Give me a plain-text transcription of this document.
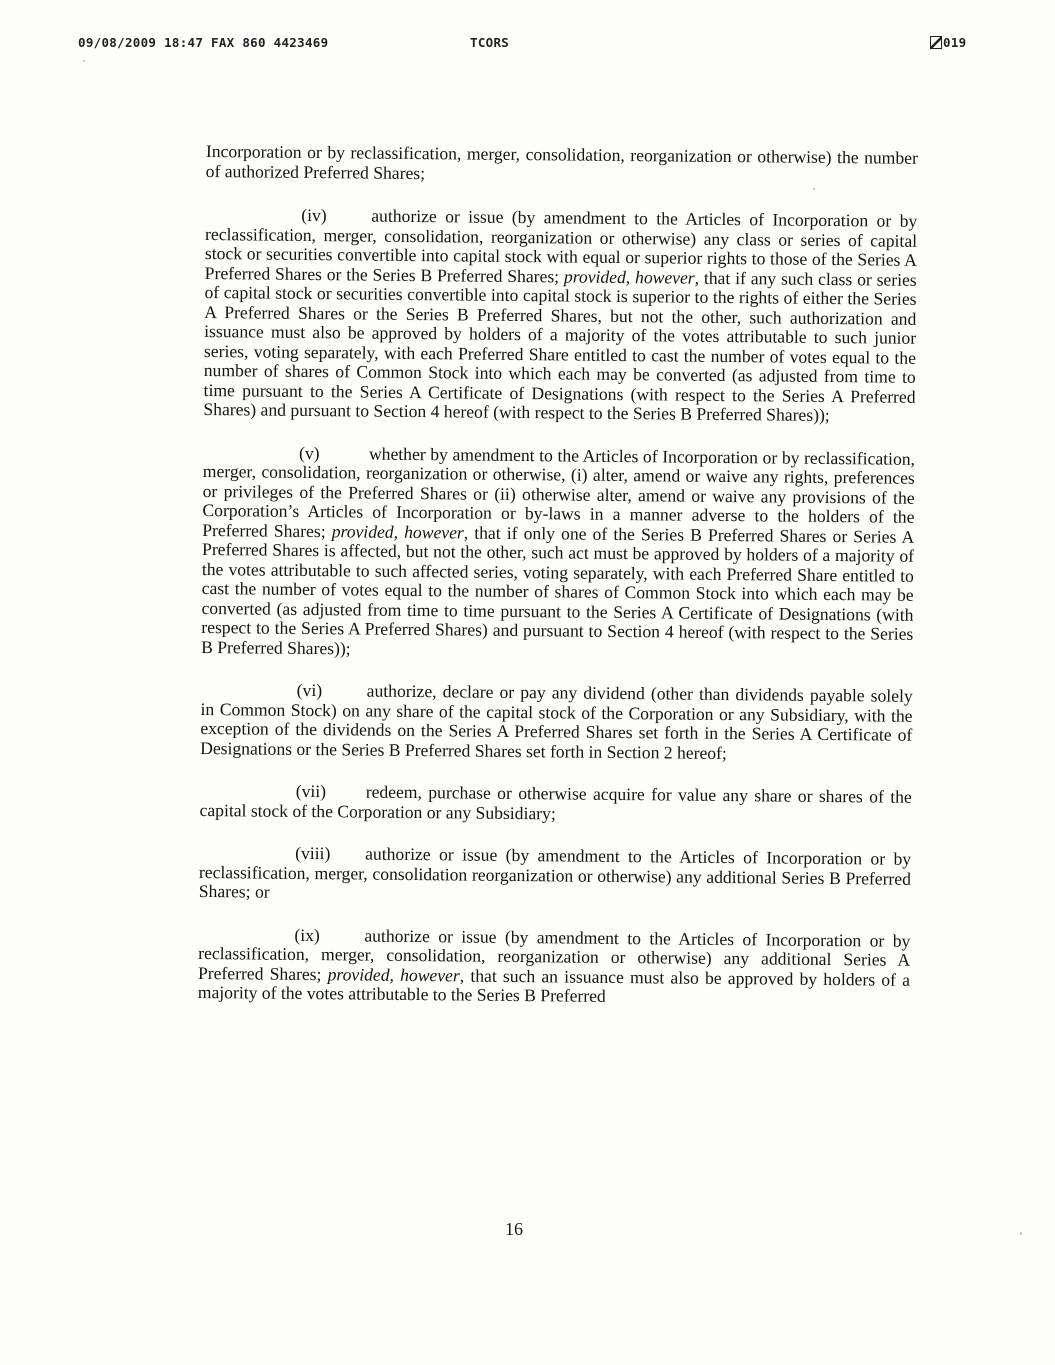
09/08/2009 18:47 FAX 860 4423469	TCORS	019

Incorporation or by reclassification, merger, consolidation, reorganization or otherwise) the number of authorized Preferred Shares;

(iv)	authorize or issue (by amendment to the Articles of Incorporation or by reclassification, merger, consolidation, reorganization or otherwise) any class or series of capital stock or securities convertible into capital stock with equal or superior rights to those of the Series A Preferred Shares or the Series B Preferred Shares; provided, however, that if any such class or series of capital stock or securities convertible into capital stock is superior to the rights of either the Series A Preferred Shares or the Series B Preferred Shares, but not the other, such authorization and issuance must also be approved by holders of a majority of the votes attributable to such junior series, voting separately, with each Preferred Share entitled to cast the number of votes equal to the number of shares of Common Stock into which each may be converted (as adjusted from time to time pursuant to the Series A Certificate of Designations (with respect to the Series A Preferred Shares) and pursuant to Section 4 hereof (with respect to the Series B Preferred Shares));

(v)	whether by amendment to the Articles of Incorporation or by reclassification, merger, consolidation, reorganization or otherwise, (i) alter, amend or waive any rights, preferences or privileges of the Preferred Shares or (ii) otherwise alter, amend or waive any provisions of the Corporation’s Articles of Incorporation or by-laws in a manner adverse to the holders of the Preferred Shares; provided, however, that if only one of the Series B Preferred Shares or Series A Preferred Shares is affected, but not the other, such act must be approved by holders of a majority of the votes attributable to such affected series, voting separately, with each Preferred Share entitled to cast the number of votes equal to the number of shares of Common Stock into which each may be converted (as adjusted from time to time pursuant to the Series A Certificate of Designations (with respect to the Series A Preferred Shares) and pursuant to Section 4 hereof (with respect to the Series B Preferred Shares));

(vi)	authorize, declare or pay any dividend (other than dividends payable solely in Common Stock) on any share of the capital stock of the Corporation or any Subsidiary, with the exception of the dividends on the Series A Preferred Shares set forth in the Series A Certificate of Designations or the Series B Preferred Shares set forth in Section 2 hereof;

(vii) redeem, purchase or otherwise acquire for value any share or shares of the capital stock of the Corporation or any Subsidiary;

(viii) authorize or issue (by amendment to the Articles of Incorporation or by reclassification, merger, consolidation reorganization or otherwise) any additional Series B Preferred Shares; or

(ix)	authorize or issue (by amendment to the Articles of Incorporation or by reclassification, merger, consolidation, reorganization or otherwise) any additional Series A Preferred Shares; provided, however, that such an issuance must also be approved by holders of a majority of the votes attributable to the Series B Preferred

16
